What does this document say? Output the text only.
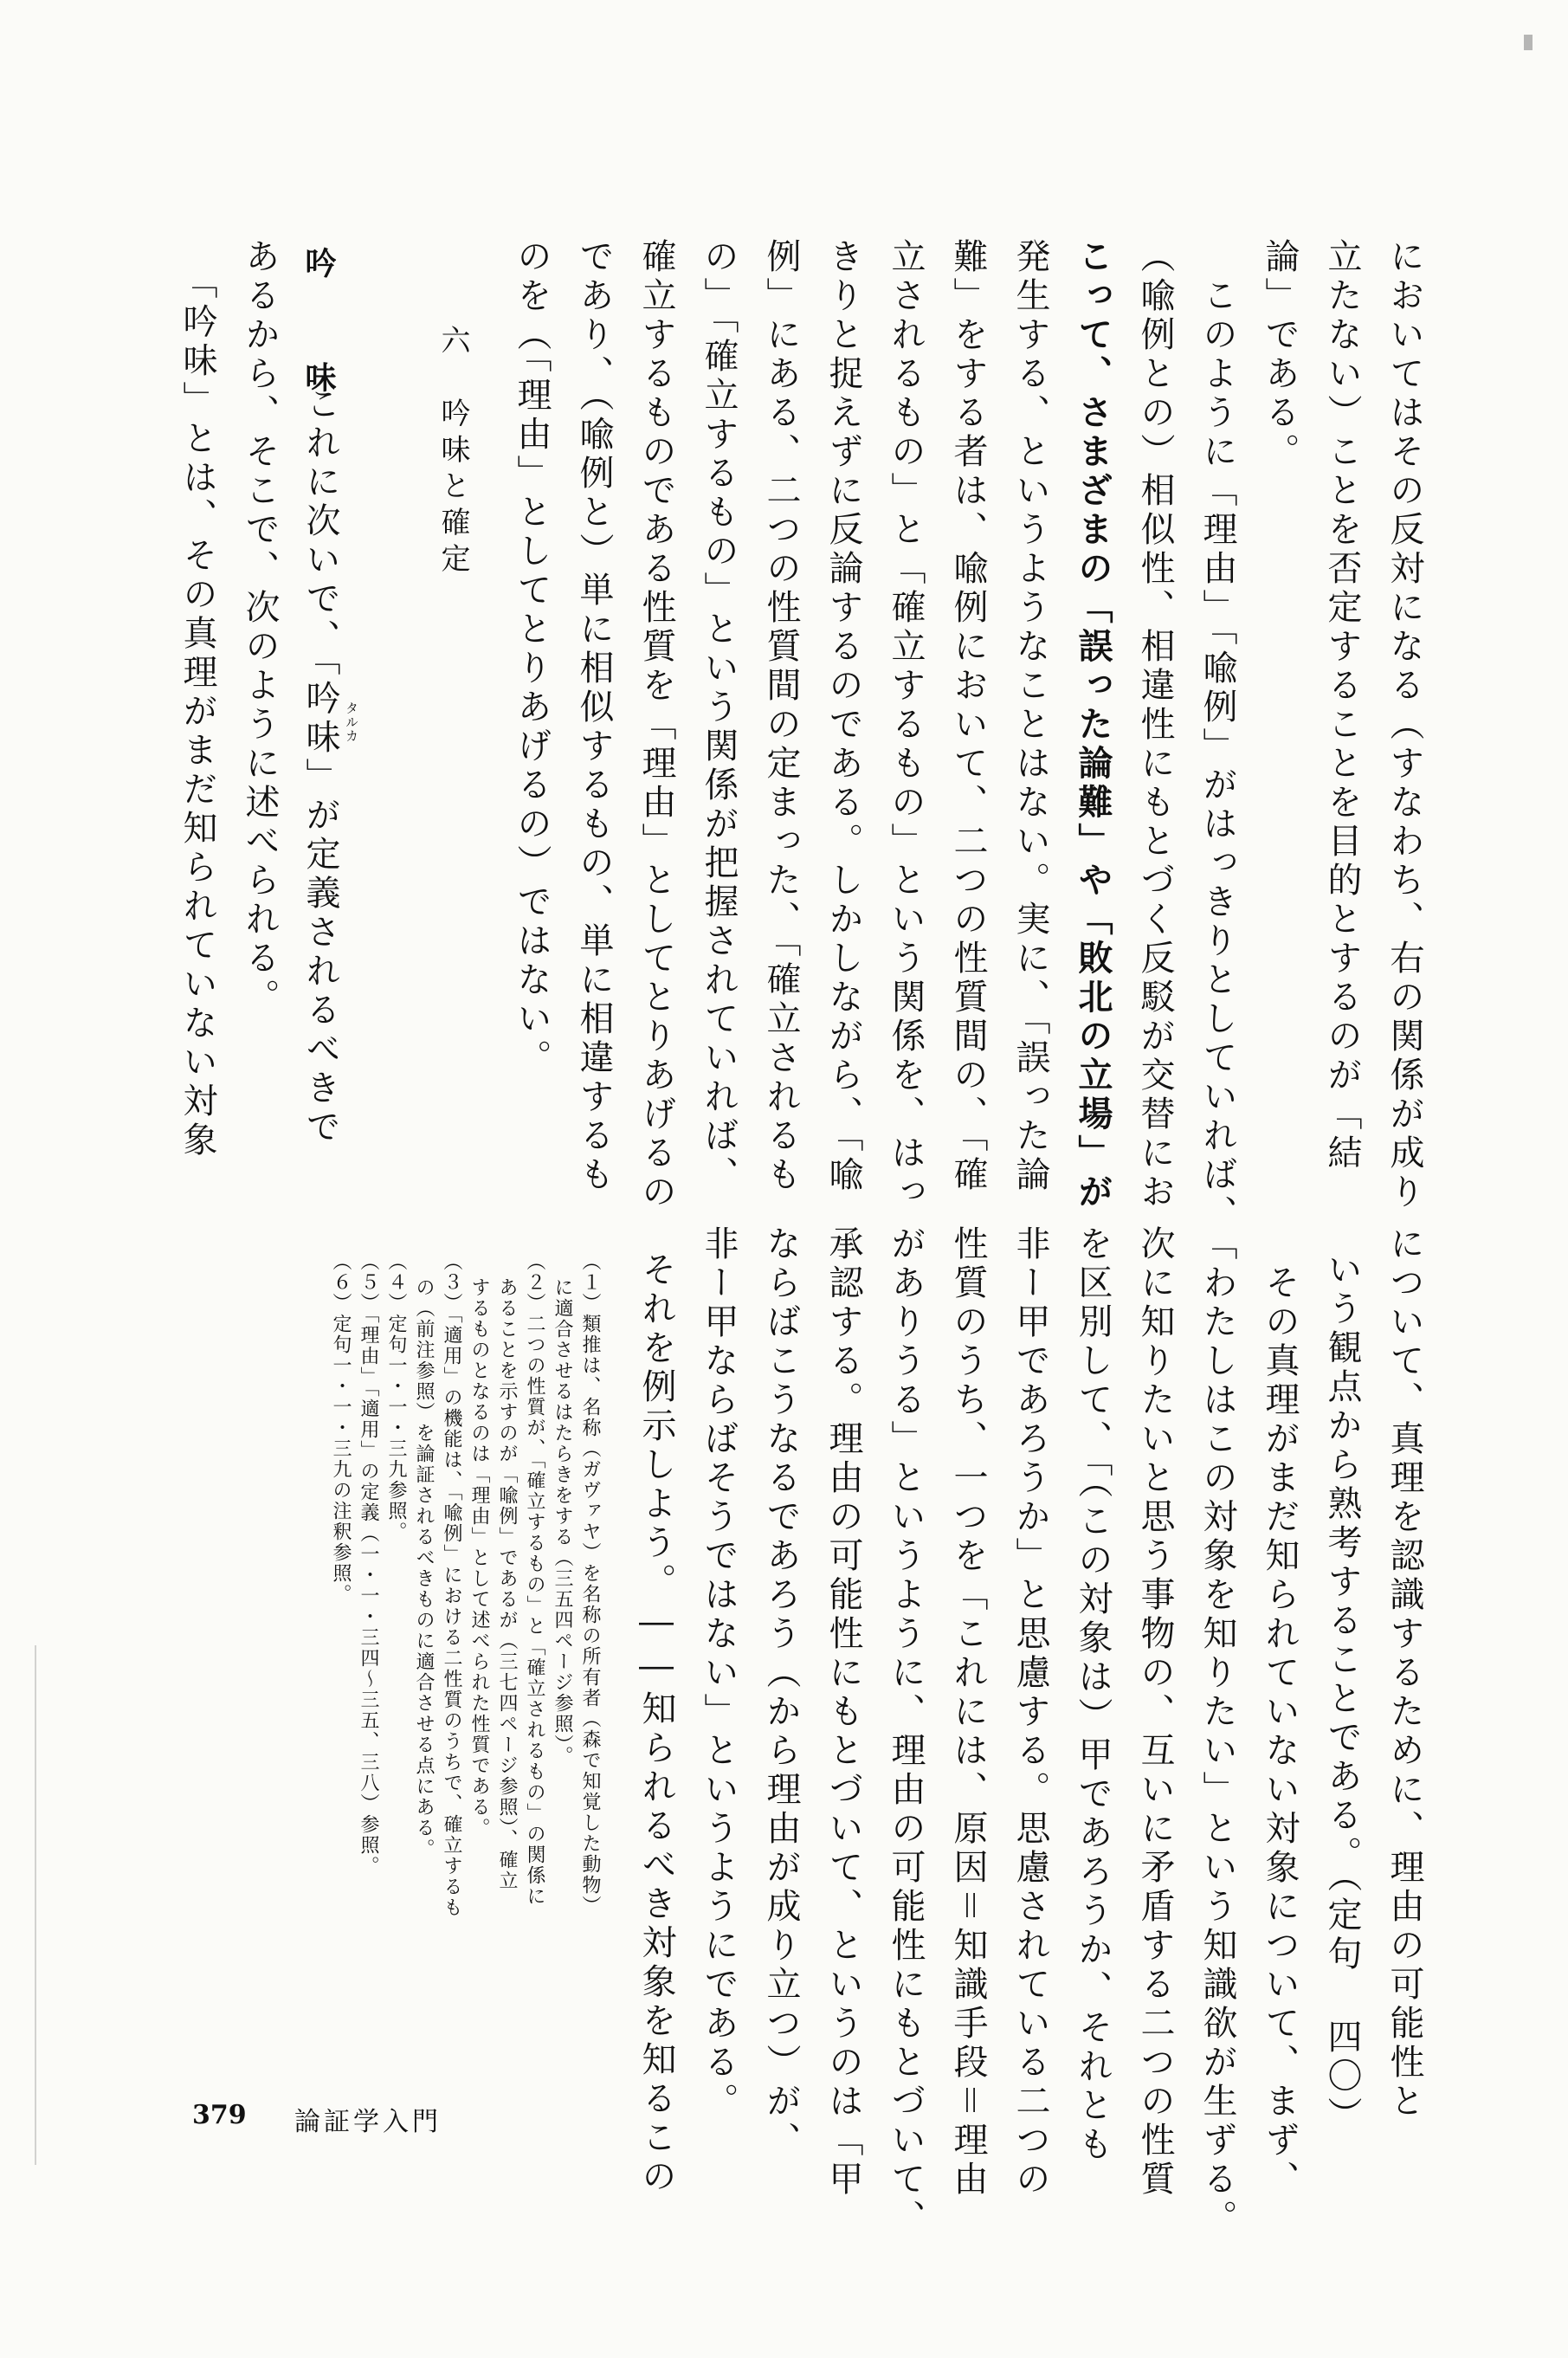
においてはその反対になる（すなわち、右の関係が成り
立たない）ことを否定することを目的とするのが「結
論」である。
　このように「理由」「喩例」がはっきりとしていれば、
（喩例との）相似性、相違性にもとづく反駁が交替にお
こって、さまざまの「誤った論難」や「敗北の立場」が
発生する、というようなことはない。実に、「誤った論
難」をする者は、喩例において、二つの性質間の、「確
立されるもの」と「確立するもの」という関係を、はっ
きりと捉えずに反論するのである。しかしながら、「喩
例」にある、二つの性質間の定まった、「確立されるも
の」「確立するもの」という関係が把握されていれば、
確立するものである性質を「理由」としてとりあげるの
であり、（喩例と）単に相似するもの、単に相違するも
のを（「理由」としてとりあげるの）ではない。
六　吟味と確定
吟　味
これに次いで、「吟味」が定義されるべきで
あるから、そこで、次のように述べられる。
「吟味」とは、その真理がまだ知られていない対象	タルカ
について、真理を認識するために、理由の可能性と
いう観点から熟考することである。（定句 四〇）
　その真理がまだ知られていない対象について、まず、
「わたしはこの対象を知りたい」という知識欲が生ずる。
次に知りたいと思う事物の、互いに矛盾する二つの性質
を区別して、「（この対象は）甲であろうか、それとも
非ー甲であろうか」と思慮する。思慮されている二つの
性質のうち、一つを「これには、原因＝知識手段＝理由
がありうる」というように、理由の可能性にもとづいて、
承認する。理由の可能性にもとづいて、というのは「甲
ならばこうなるであろう（から理由が成り立つ）が、
非ー甲ならばそうではない」というようにである。
それを例示しよう。――知られるべき対象を知るこの
（１）類推は、名称（ガヴァヤ）を名称の所有者（森で知覚した動物）
に適合させるはたらきをする（三五四ページ参照）。
（２）二つの性質が、「確立するもの」と「確立されるもの」の関係に
あることを示すのが「喩例」であるが（三七四ページ参照）、確立
するものとなるのは「理由」として述べられた性質である。
（３）「適用」の機能は、「喩例」における二性質のうちで、確立するも
の（前注参照）を論証されるべきものに適合させる点にある。
（４）定句一・一・三九参照。
（５）「理由」「適用」の定義（一・一・三四～三五、三八）参照。
（６）定句一・一・三九の注釈参照。
379 論証学入門
